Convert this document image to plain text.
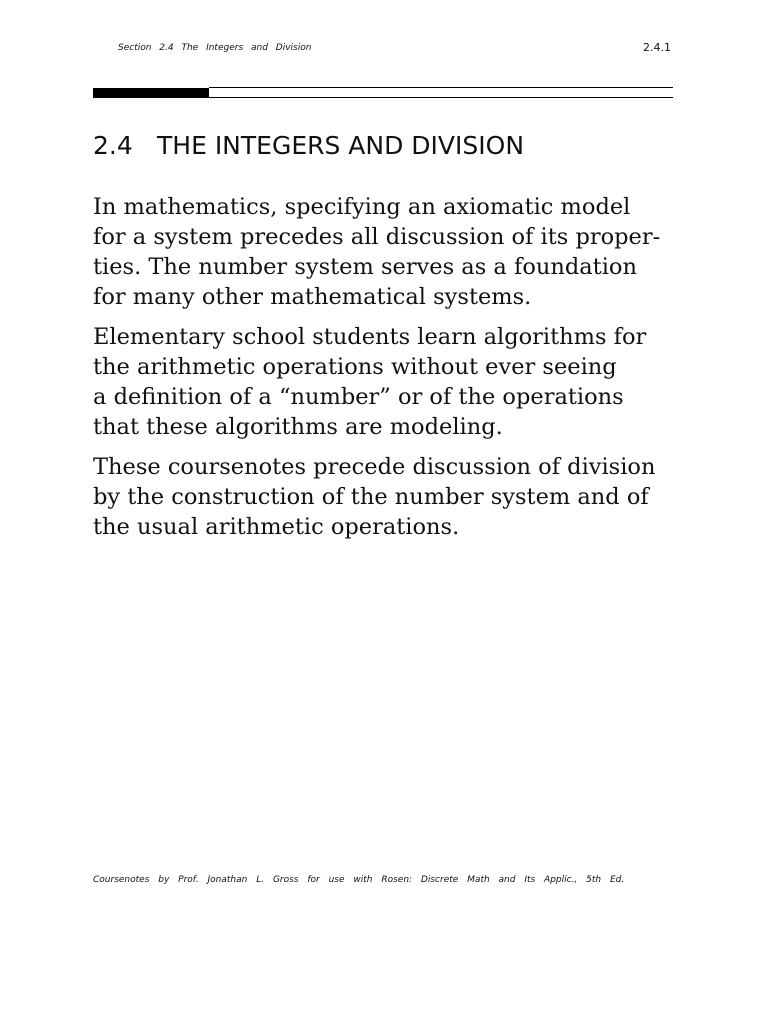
Section 2.4 The Integers and Division	2.4.1
2.4 THE INTEGERS AND DIVISION

In mathematics, specifying an axiomatic model
for a system precedes all discussion of its proper-
ties. The number system serves as a foundation
for many other mathematical systems.

Elementary school students learn algorithms for
the arithmetic operations without ever seeing
a definition of a “number” or of the operations
that these algorithms are modeling.

These coursenotes precede discussion of division
by the construction of the number system and of
the usual arithmetic operations.

Coursenotes by Prof. Jonathan L. Gross for use with Rosen: Discrete Math and Its Applic., 5th Ed.
